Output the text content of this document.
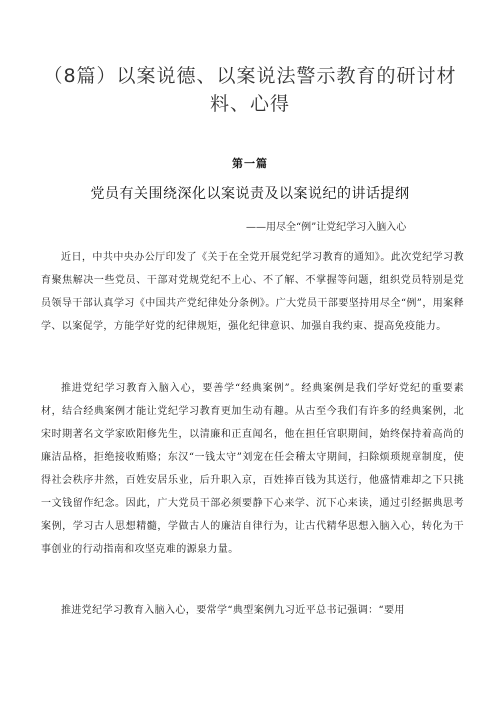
（8篇）以案说德、以案说法警示教育的研讨材料、心得
第一篇
党员有关围绕深化以案说责及以案说纪的讲话提纲
——用尽全“例”让党纪学习入脑入心

近日，中共中央办公厅印发了《关于在全党开展党纪学习教育的通知》。此次党纪学习教育聚焦解决一些党员、干部对党规党纪不上心、不了解、不掌握等问题，组织党员特别是党员领导干部认真学习《中国共产党纪律处分条例》。广大党员干部要坚持用尽全“例”，用案释学、以案促学，方能学好党的纪律规矩，强化纪律意识、加强自我约束、提高免疫能力。

推进党纪学习教育入脑入心，要善学“经典案例”。经典案例是我们学好党纪的重要素材，结合经典案例才能让党纪学习教育更加生动有趣。从古至今我们有许多的经典案例，北宋时期著名文学家欧阳修先生，以清廉和正直闻名，他在担任官职期间，始终保持着高尚的廉洁品格，拒绝接收贿赂；东汉“一钱太守”刘宠在任会稽太守期间，扫除烦琐规章制度，使得社会秩序井然，百姓安居乐业，后升职入京，百姓捧百钱为其送行，他盛情难却之下只挑一文钱留作纪念。因此，广大党员干部必须要静下心来学、沉下心来读，通过引经据典思考案例，学习古人思想精髓，学做古人的廉洁自律行为，让古代精华思想入脑入心，转化为干事创业的行动指南和攻坚克难的源泉力量。

推进党纪学习教育入脑入心，要常学“典型案例九习近平总书记强调：“要用
